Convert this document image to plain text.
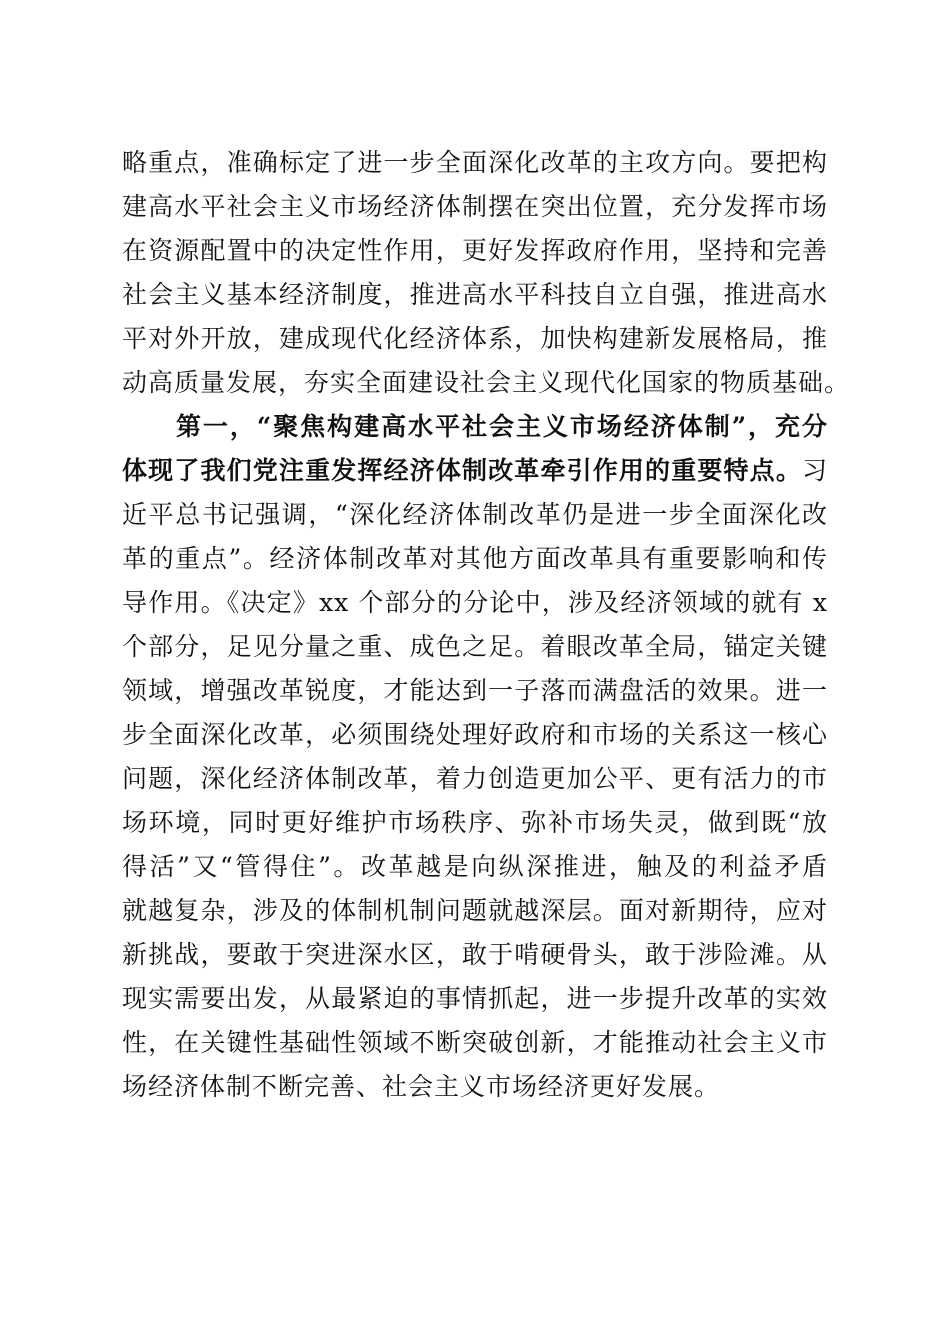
略重点，准确标定了进一步全面深化改革的主攻方向。要把构
建高水平社会主义市场经济体制摆在突出位置，充分发挥市场
在资源配置中的决定性作用，更好发挥政府作用，坚持和完善
社会主义基本经济制度，推进高水平科技自立自强，推进高水
平对外开放，建成现代化经济体系，加快构建新发展格局，推
动高质量发展，夯实全面建设社会主义现代化国家的物质基础。
　　第一，“聚焦构建高水平社会主义市场经济体制”，充分
体现了我们党注重发挥经济体制改革牵引作用的重要特点。习
近平总书记强调，“深化经济体制改革仍是进一步全面深化改
革的重点”。经济体制改革对其他方面改革具有重要影响和传
导作用。《决定》xx 个部分的分论中，涉及经济领域的就有 x
个部分，足见分量之重、成色之足。着眼改革全局，锚定关键
领域，增强改革锐度，才能达到一子落而满盘活的效果。进一
步全面深化改革，必须围绕处理好政府和市场的关系这一核心
问题，深化经济体制改革，着力创造更加公平、更有活力的市
场环境，同时更好维护市场秩序、弥补市场失灵，做到既“放
得活”又“管得住”。改革越是向纵深推进，触及的利益矛盾
就越复杂，涉及的体制机制问题就越深层。面对新期待，应对
新挑战，要敢于突进深水区，敢于啃硬骨头，敢于涉险滩。从
现实需要出发，从最紧迫的事情抓起，进一步提升改革的实效
性，在关键性基础性领域不断突破创新，才能推动社会主义市
场经济体制不断完善、社会主义市场经济更好发展。
